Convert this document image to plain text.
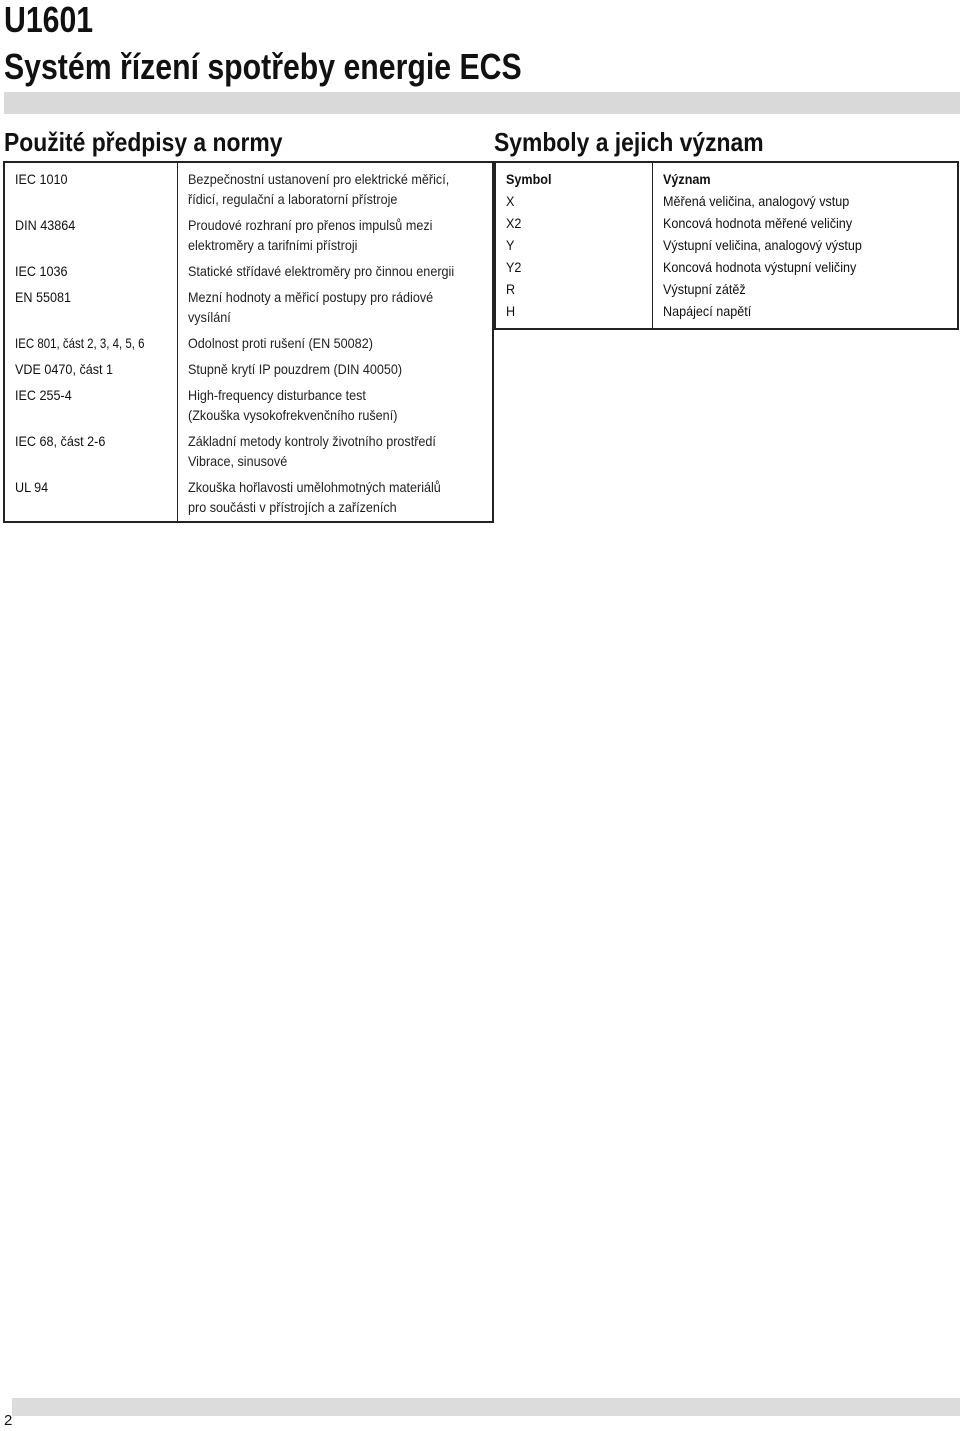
U1601
Systém řízení spotřeby energie ECS
Použité předpisy a normy	Symboly a jejich význam
IEC 1010	Bezpečnostní ustanovení pro elektrické měřicí,
řídicí, regulační a laboratorní přístroje
DIN 43864	Proudové rozhraní pro přenos impulsů mezi
elektroměry a tarifními přístroji
IEC 1036	Statické střídavé elektroměry pro činnou energii
EN 55081	Mezní hodnoty a měřicí postupy pro rádiové
vysílání
IEC 801, část 2, 3, 4, 5, 6	Odolnost proti rušení (EN 50082)
VDE 0470, část 1	Stupně krytí IP pouzdrem (DIN 40050)
IEC 255-4	High-frequency disturbance test
(Zkouška vysokofrekvenčního rušení)
IEC 68, část 2-6	Základní metody kontroly životního prostředí
Vibrace, sinusové
UL 94	Zkouška hořlavosti umělohmotných materiálů
pro součásti v přístrojích a zařízeních
Symbol	Význam
X	Měřená veličina, analogový vstup
X2	Koncová hodnota měřené veličiny
Y	Výstupní veličina, analogový výstup
Y2	Koncová hodnota výstupní veličiny
R	Výstupní zátěž
H	Napájecí napětí
2
